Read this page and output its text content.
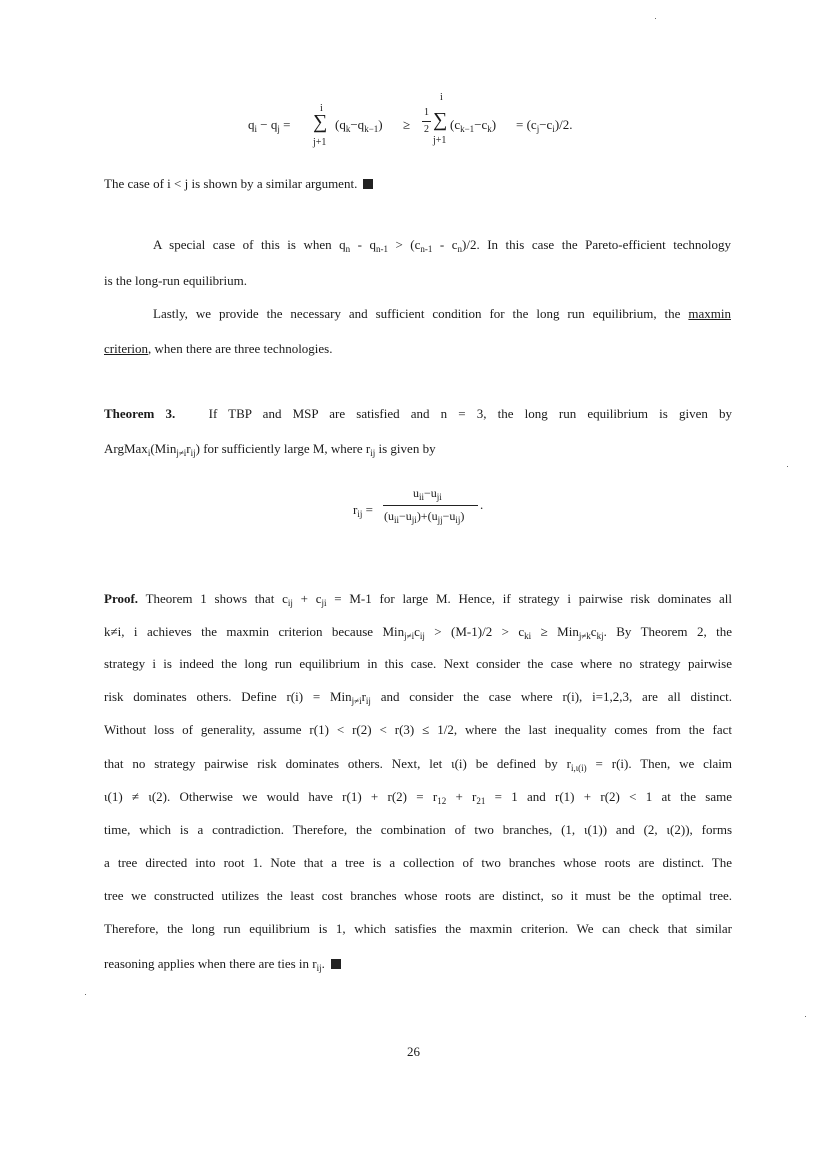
$q_i - q_j$ =
i
∑
j+1
$(q_k-q_{k-1})$ ≥
1
2
i
∑
j+1
$(c_{k-1}-c_k) = (c_j-c_i)/2$.
The case of i < j is shown by a similar argument.
A special case of this is when $q_n - q_{n-1} > (c_{n-1} - c_n)/2$. In this case the Pareto-efficient technology
is the long-run equilibrium.
Lastly, we provide the necessary and sufficient condition for the long run equilibrium, the maxmin
criterion, when there are three technologies.
Theorem 3.	If TBP and MSP are satisfied and n = 3, the long run equilibrium is given by
$ArgMax_i(Min_{j\ne i}r_{ij})$ for sufficiently large M, where $r_{ij}$ is given by
$r_{ij}$ =
$u_{ii}-u_{ji}$
$(u_{ii}-u_{ji})+(u_{jj}-u_{ij})$
.
Proof. Theorem 1 shows that $c_{ij} + c_{ji} = M-1$ for large M. Hence, if strategy i pairwise risk dominates all
k≠i, i achieves the maxmin criterion because $Min_{j\ne i}c_{ij} > (M-1)/2 > c_{ki} \ge Min_{j\ne k}c_{kj}$. By Theorem 2, the
strategy i is indeed the long run equilibrium in this case. Next consider the case where no strategy pairwise
risk dominates others. Define $r(i) = Min_{j\ne i}r_{ij}$ and consider the case where r(i), i=1,2,3, are all distinct.
Without loss of generality, assume r(1) < r(2) < r(3) ≤ 1/2, where the last inequality comes from the fact
that no strategy pairwise risk dominates others. Next, let ι(i) be defined by $r_{i,\iota(i)} = r(i)$. Then, we claim
ι(1) ≠ ι(2). Otherwise we would have $r(1) + r(2) = r_{12} + r_{21} = 1$ and r(1) + r(2) < 1 at the same
time, which is a contradiction. Therefore, the combination of two branches, (1, ι(1)) and (2, ι(2)), forms
a tree directed into root 1. Note that a tree is a collection of two branches whose roots are distinct. The
tree we constructed utilizes the least cost branches whose roots are distinct, so it must be the optimal tree.
Therefore, the long run equilibrium is 1, which satisfies the maxmin criterion. We can check that similar
reasoning applies when there are ties in $r_{ij}$.
26
